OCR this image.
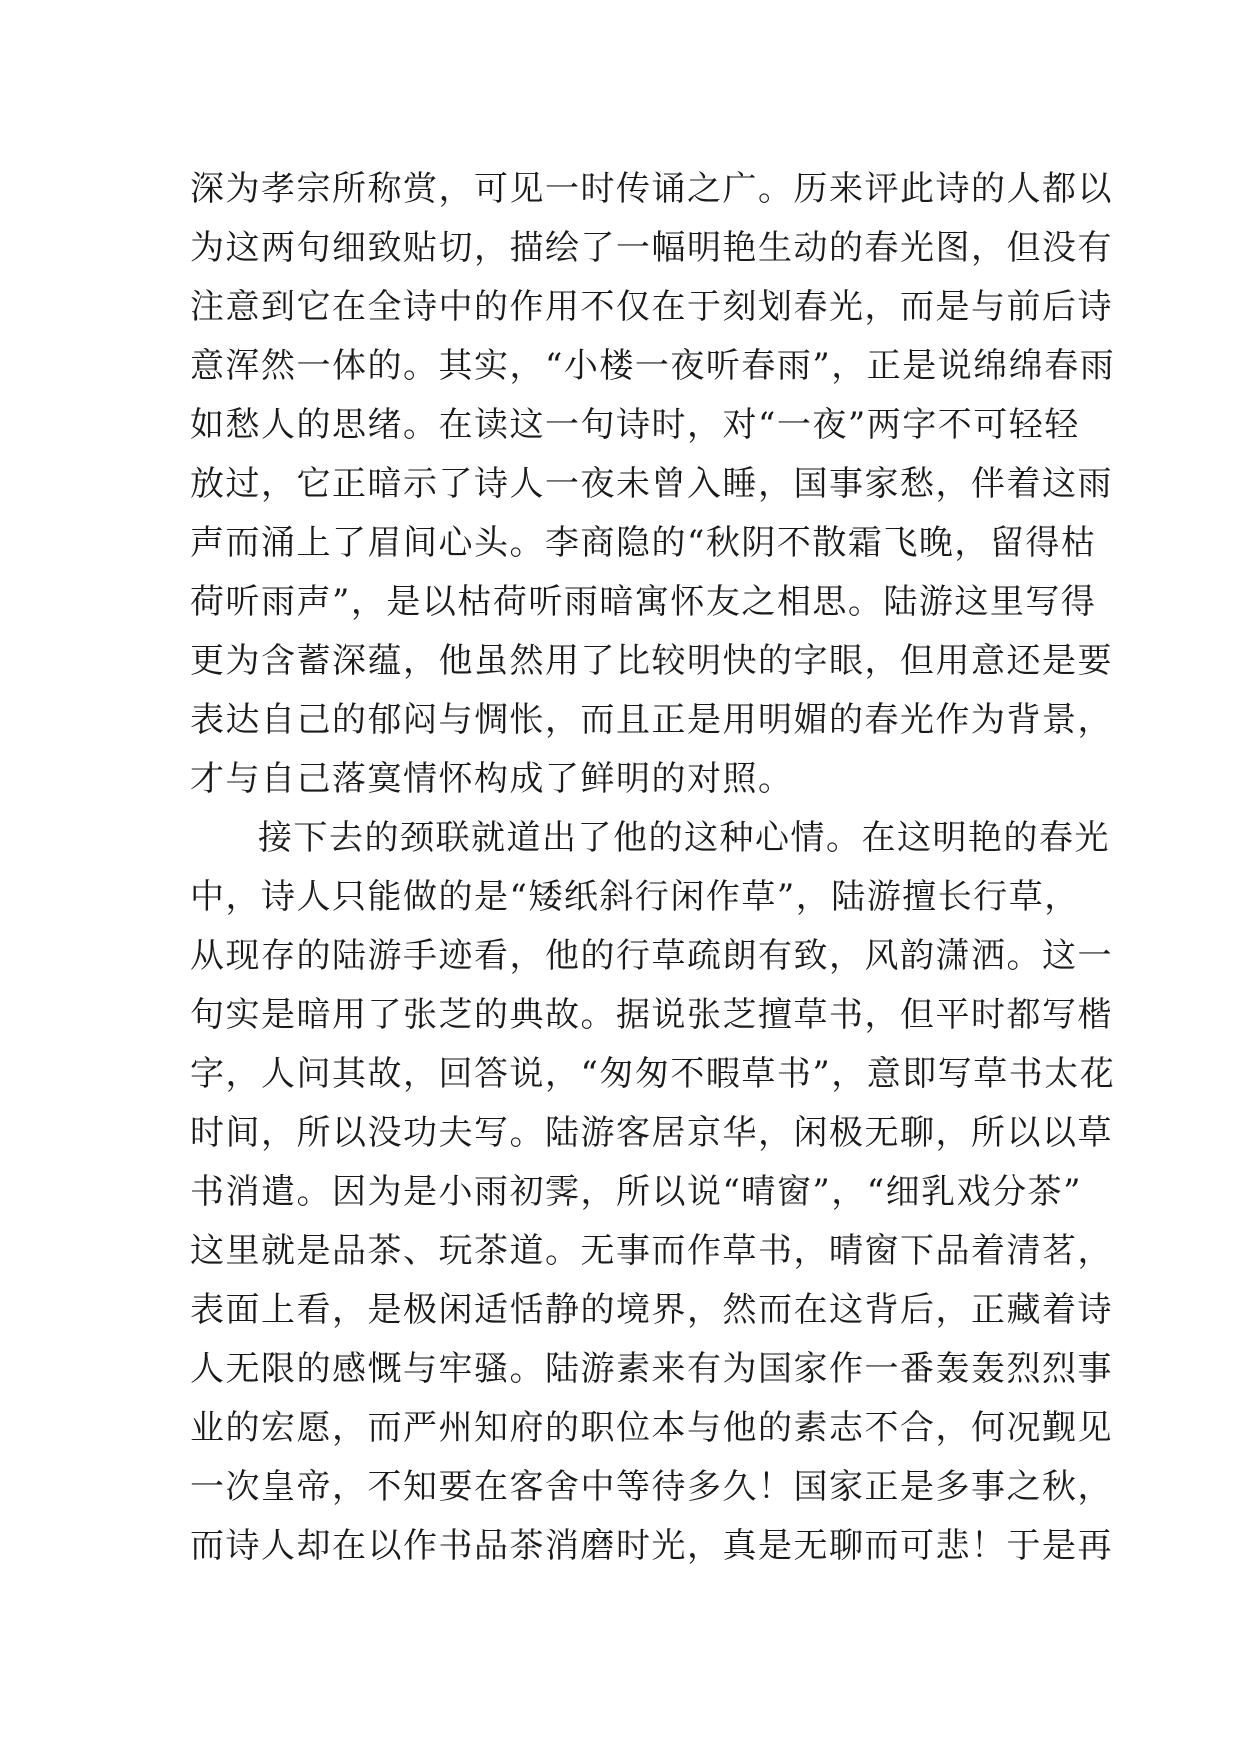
深为孝宗所称赏，可见一时传诵之广。历来评此诗的人都以
为这两句细致贴切，描绘了一幅明艳生动的春光图，但没有
注意到它在全诗中的作用不仅在于刻划春光，而是与前后诗
意浑然一体的。其实，“小楼一夜听春雨”，正是说绵绵春雨
如愁人的思绪。在读这一句诗时，对“一夜”两字不可轻轻
放过，它正暗示了诗人一夜未曾入睡，国事家愁，伴着这雨
声而涌上了眉间心头。李商隐的“秋阴不散霜飞晚，留得枯
荷听雨声”，是以枯荷听雨暗寓怀友之相思。陆游这里写得
更为含蓄深蕴，他虽然用了比较明快的字眼，但用意还是要
表达自己的郁闷与惆怅，而且正是用明媚的春光作为背景，
才与自己落寞情怀构成了鲜明的对照。
接下去的颈联就道出了他的这种心情。在这明艳的春光
中，诗人只能做的是“矮纸斜行闲作草”，陆游擅长行草，
从现存的陆游手迹看，他的行草疏朗有致，风韵潇洒。这一
句实是暗用了张芝的典故。据说张芝擅草书，但平时都写楷
字，人问其故，回答说，“匆匆不暇草书”，意即写草书太花
时间，所以没功夫写。陆游客居京华，闲极无聊，所以以草
书消遣。因为是小雨初霁，所以说“晴窗”，“细乳戏分茶”
这里就是品茶、玩茶道。无事而作草书，晴窗下品着清茗，
表面上看，是极闲适恬静的境界，然而在这背后，正藏着诗
人无限的感慨与牢骚。陆游素来有为国家作一番轰轰烈烈事
业的宏愿，而严州知府的职位本与他的素志不合，何况觐见
一次皇帝，不知要在客舍中等待多久！国家正是多事之秋，
而诗人却在以作书品茶消磨时光，真是无聊而可悲！于是再
